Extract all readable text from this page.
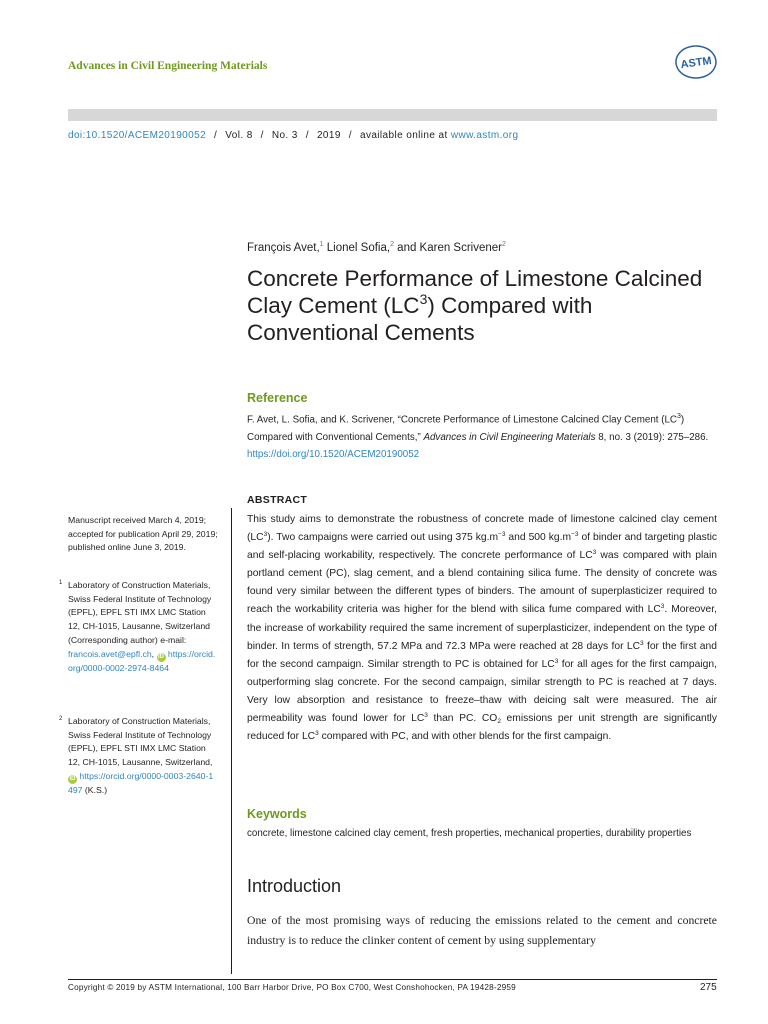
Advances in Civil Engineering Materials	ASTM
doi:10.1520/ACEM20190052 / Vol. 8 / No. 3 / 2019 / available online at www.astm.org
François Avet,$^1$ Lionel Sofia,$^2$ and Karen Scrivener$^2$
Concrete Performance of Limestone Calcined Clay Cement $(LC^3)$ Compared with Conventional Cements
Reference
F. Avet, L. Sofia, and K. Scrivener, “Concrete Performance of Limestone Calcined Clay Cement $(LC^3)$ Compared with Conventional Cements,” Advances in Civil Engineering Materials 8, no. 3 (2019): 275–286. https://doi.org/10.1520/ACEM20190052
ABSTRACT

This study aims to demonstrate the robustness of concrete made of limestone calcined clay cement $(LC^3)$. Two campaigns were carried out using 375 $kg.m^{-3}$ and 500 $kg.m^{-3}$ of binder and targeting plastic and self-placing workability, respectively. The concrete performance of $LC^3$ was compared with plain portland cement (PC), slag cement, and a blend containing silica fume. The density of concrete was found very similar between the different types of binders. The amount of superplasticizer required to reach the workability criteria was higher for the blend with silica fume compared with $LC^3$. Moreover, the increase of workability required the same increment of superplasticizer, independent on the type of binder. In terms of strength, 57.2 MPa and 72.3 MPa were reached at 28 days for $LC^3$ for the first and for the second campaign. Similar strength to PC is obtained for $LC^3$ for all ages for the first campaign, outperforming slag concrete. For the second campaign, similar strength to PC is reached at 7 days. Very low absorption and resistance to freeze–thaw with deicing salt were measured. The air permeability was found lower for $LC^3$ than PC. $CO_2$ emissions per unit strength are significantly reduced for $LC^3$ compared with PC, and with other blends for the first campaign.

Keywords
concrete, limestone calcined clay cement, fresh properties, mechanical properties, durability properties
Introduction

One of the most promising ways of reducing the emissions related to the cement and concrete industry is to reduce the clinker content of cement by using supplementary

Manuscript received March 4, 2019; accepted for publication April 29, 2019; published online June 3, 2019.
1 Laboratory of Construction Materials, Swiss Federal Institute of Technology (EPFL), EPFL STI IMX LMC Station 12, CH-1015, Lausanne, Switzerland (Corresponding author) e-mail: francois.avet@epfl.ch, iD https://orcid.org/0000-0002-2974-8464
2 Laboratory of Construction Materials, Swiss Federal Institute of Technology (EPFL), EPFL STI IMX LMC Station 12, CH-1015, Lausanne, Switzerland, iD https://orcid.org/0000-0003-2640-1497 (K.S.)
Copyright © 2019 by ASTM International, 100 Barr Harbor Drive, PO Box C700, West Conshohocken, PA 19428-2959	275
